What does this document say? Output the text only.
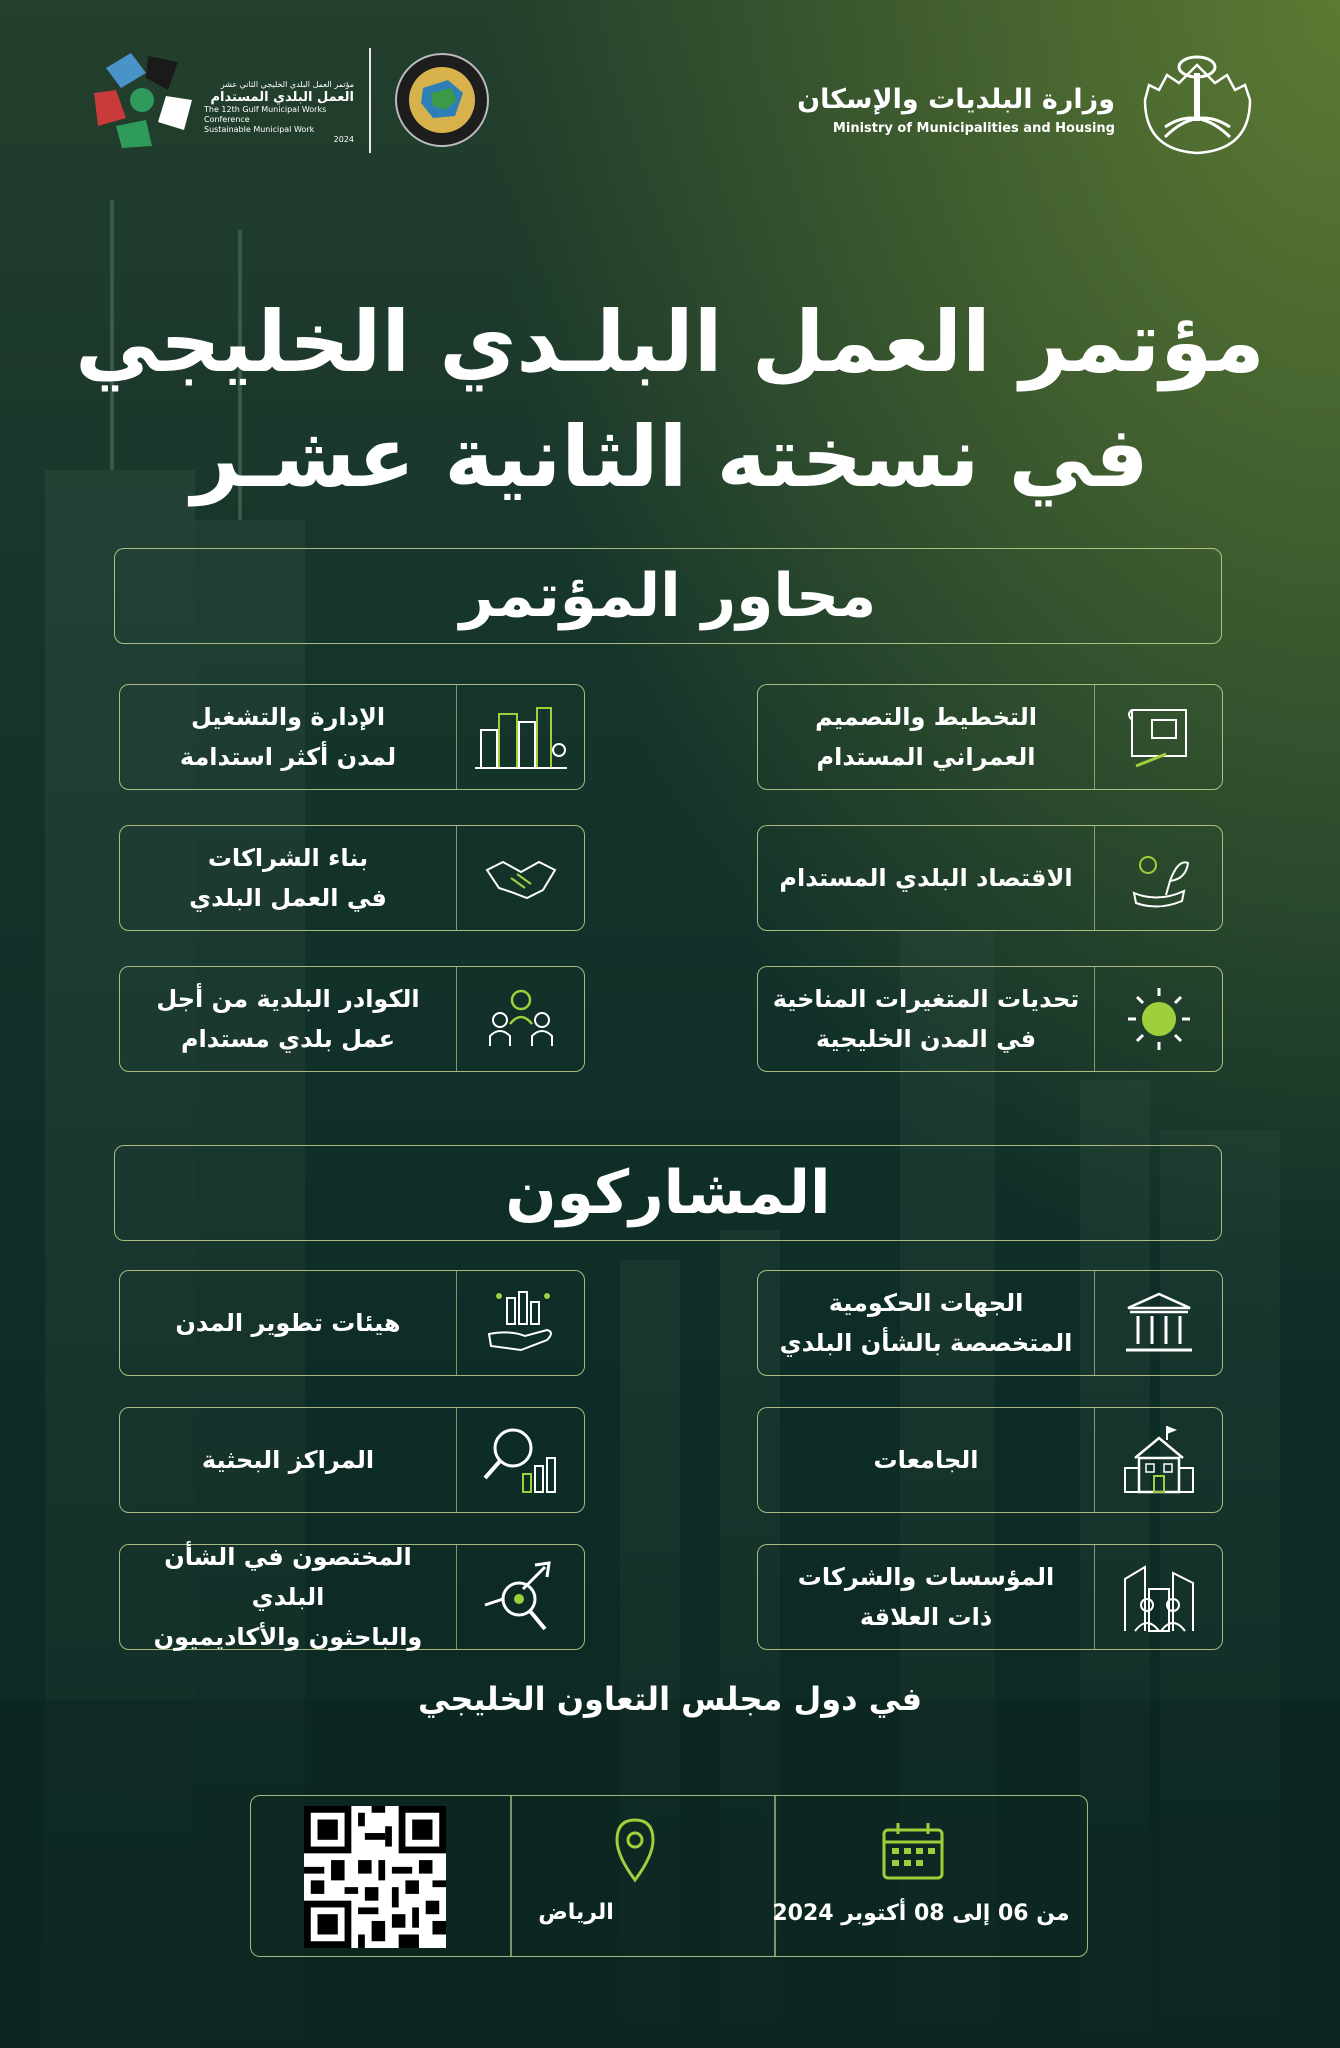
وزارة البلديات والإسكان
Ministry of Municipalities and Housing
مؤتمر العمل البلدي الخليجي الثاني عشر
العمل البلدي المستدام
The 12th Gulf Municipal Works Conference
Sustainable Municipal Work
2024
مؤتمر العمل البلـدي الخليجي
في نسخته الثانية عشـر
محاور المؤتمر
التخطيط والتصميم
العمراني المستدام
الإدارة والتشغيل
لمدن أكثر استدامة
الاقتصاد البلدي المستدام
بناء الشراكات
في العمل البلدي
تحديات المتغيرات المناخية
في المدن الخليجية
الكوادر البلدية من أجل
عمل بلدي مستدام
المشاركون
الجهات الحكومية
المتخصصة بالشأن البلدي
هيئات تطوير المدن
الجامعات
المراكز البحثية
المؤسسات والشركات
ذات العلاقة
المختصون في الشأن البلدي
والباحثون والأكاديميون
في دول مجلس التعاون الخليجي
من 06 إلى 08 أكتوبر 2024
الرياض
